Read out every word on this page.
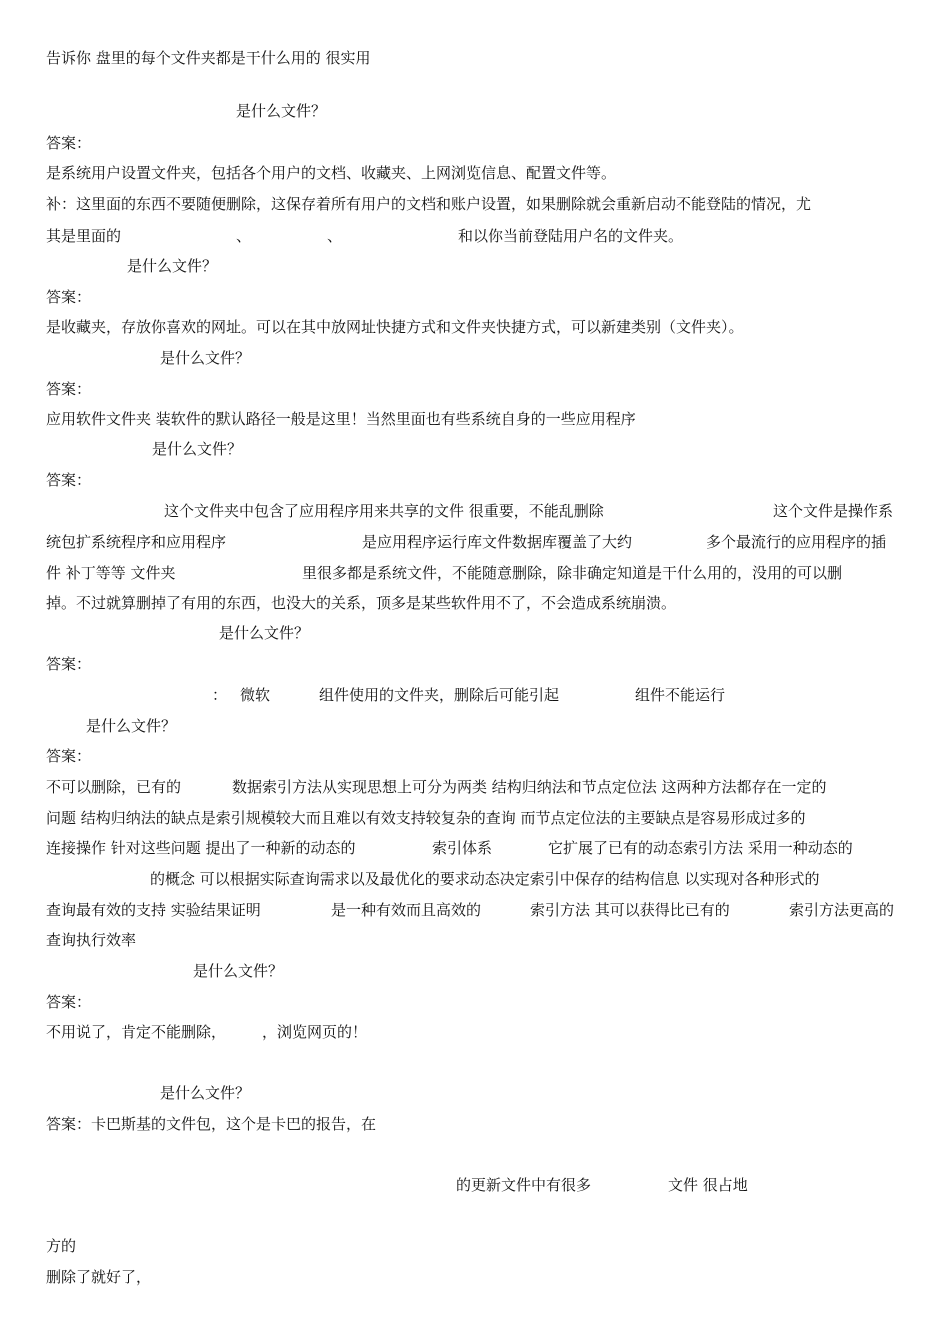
告诉你 盘里的每个文件夹都是干什么用的 很实用
是什么文件？
答案：
是系统用户设置文件夹，包括各个用户的文档、收藏夹、上网浏览信息、配置文件等。
补：这里面的东西不要随便删除，这保存着所有用户的文档和账户设置，如果删除就会重新启动不能登陆的情况，尤
其是里面的	、	、	和以你当前登陆用户名的文件夹。
是什么文件？
答案：
是收藏夹，存放你喜欢的网址。可以在其中放网址快捷方式和文件夹快捷方式，可以新建类别（文件夹）。
是什么文件？
答案：
应用软件文件夹 装软件的默认路径一般是这里！当然里面也有些系统自身的一些应用程序
是什么文件？
答案：
这个文件夹中包含了应用程序用来共享的文件 很重要，不能乱删除	这个文件是操作系
统包扩系统程序和应用程序	是应用程序运行库文件数据库覆盖了大约	多个最流行的应用程序的插
件 补丁等等 文件夹	里很多都是系统文件，不能随意删除，除非确定知道是干什么用的，没用的可以删
掉。不过就算删掉了有用的东西，也没大的关系，顶多是某些软件用不了，不会造成系统崩溃。
是什么文件？
答案：
： 微软	组件使用的文件夹，删除后可能引起	组件不能运行
是什么文件？
答案：
不可以删除，已有的	数据索引方法从实现思想上可分为两类 结构归纳法和节点定位法 这两种方法都存在一定的
问题 结构归纳法的缺点是索引规模较大而且难以有效支持较复杂的查询 而节点定位法的主要缺点是容易形成过多的
连接操作 针对这些问题 提出了一种新的动态的	索引体系	它扩展了已有的动态索引方法 采用一种动态的
的概念 可以根据实际查询需求以及最优化的要求动态决定索引中保存的结构信息 以实现对各种形式的
查询最有效的支持 实验结果证明	是一种有效而且高效的	索引方法 其可以获得比已有的	索引方法更高的
查询执行效率
是什么文件？
答案：
不用说了，肯定不能删除， ，浏览网页的！
是什么文件？
答案：卡巴斯基的文件包，这个是卡巴的报告，在
的更新文件中有很多	文件 很占地
方的
删除了就好了，
